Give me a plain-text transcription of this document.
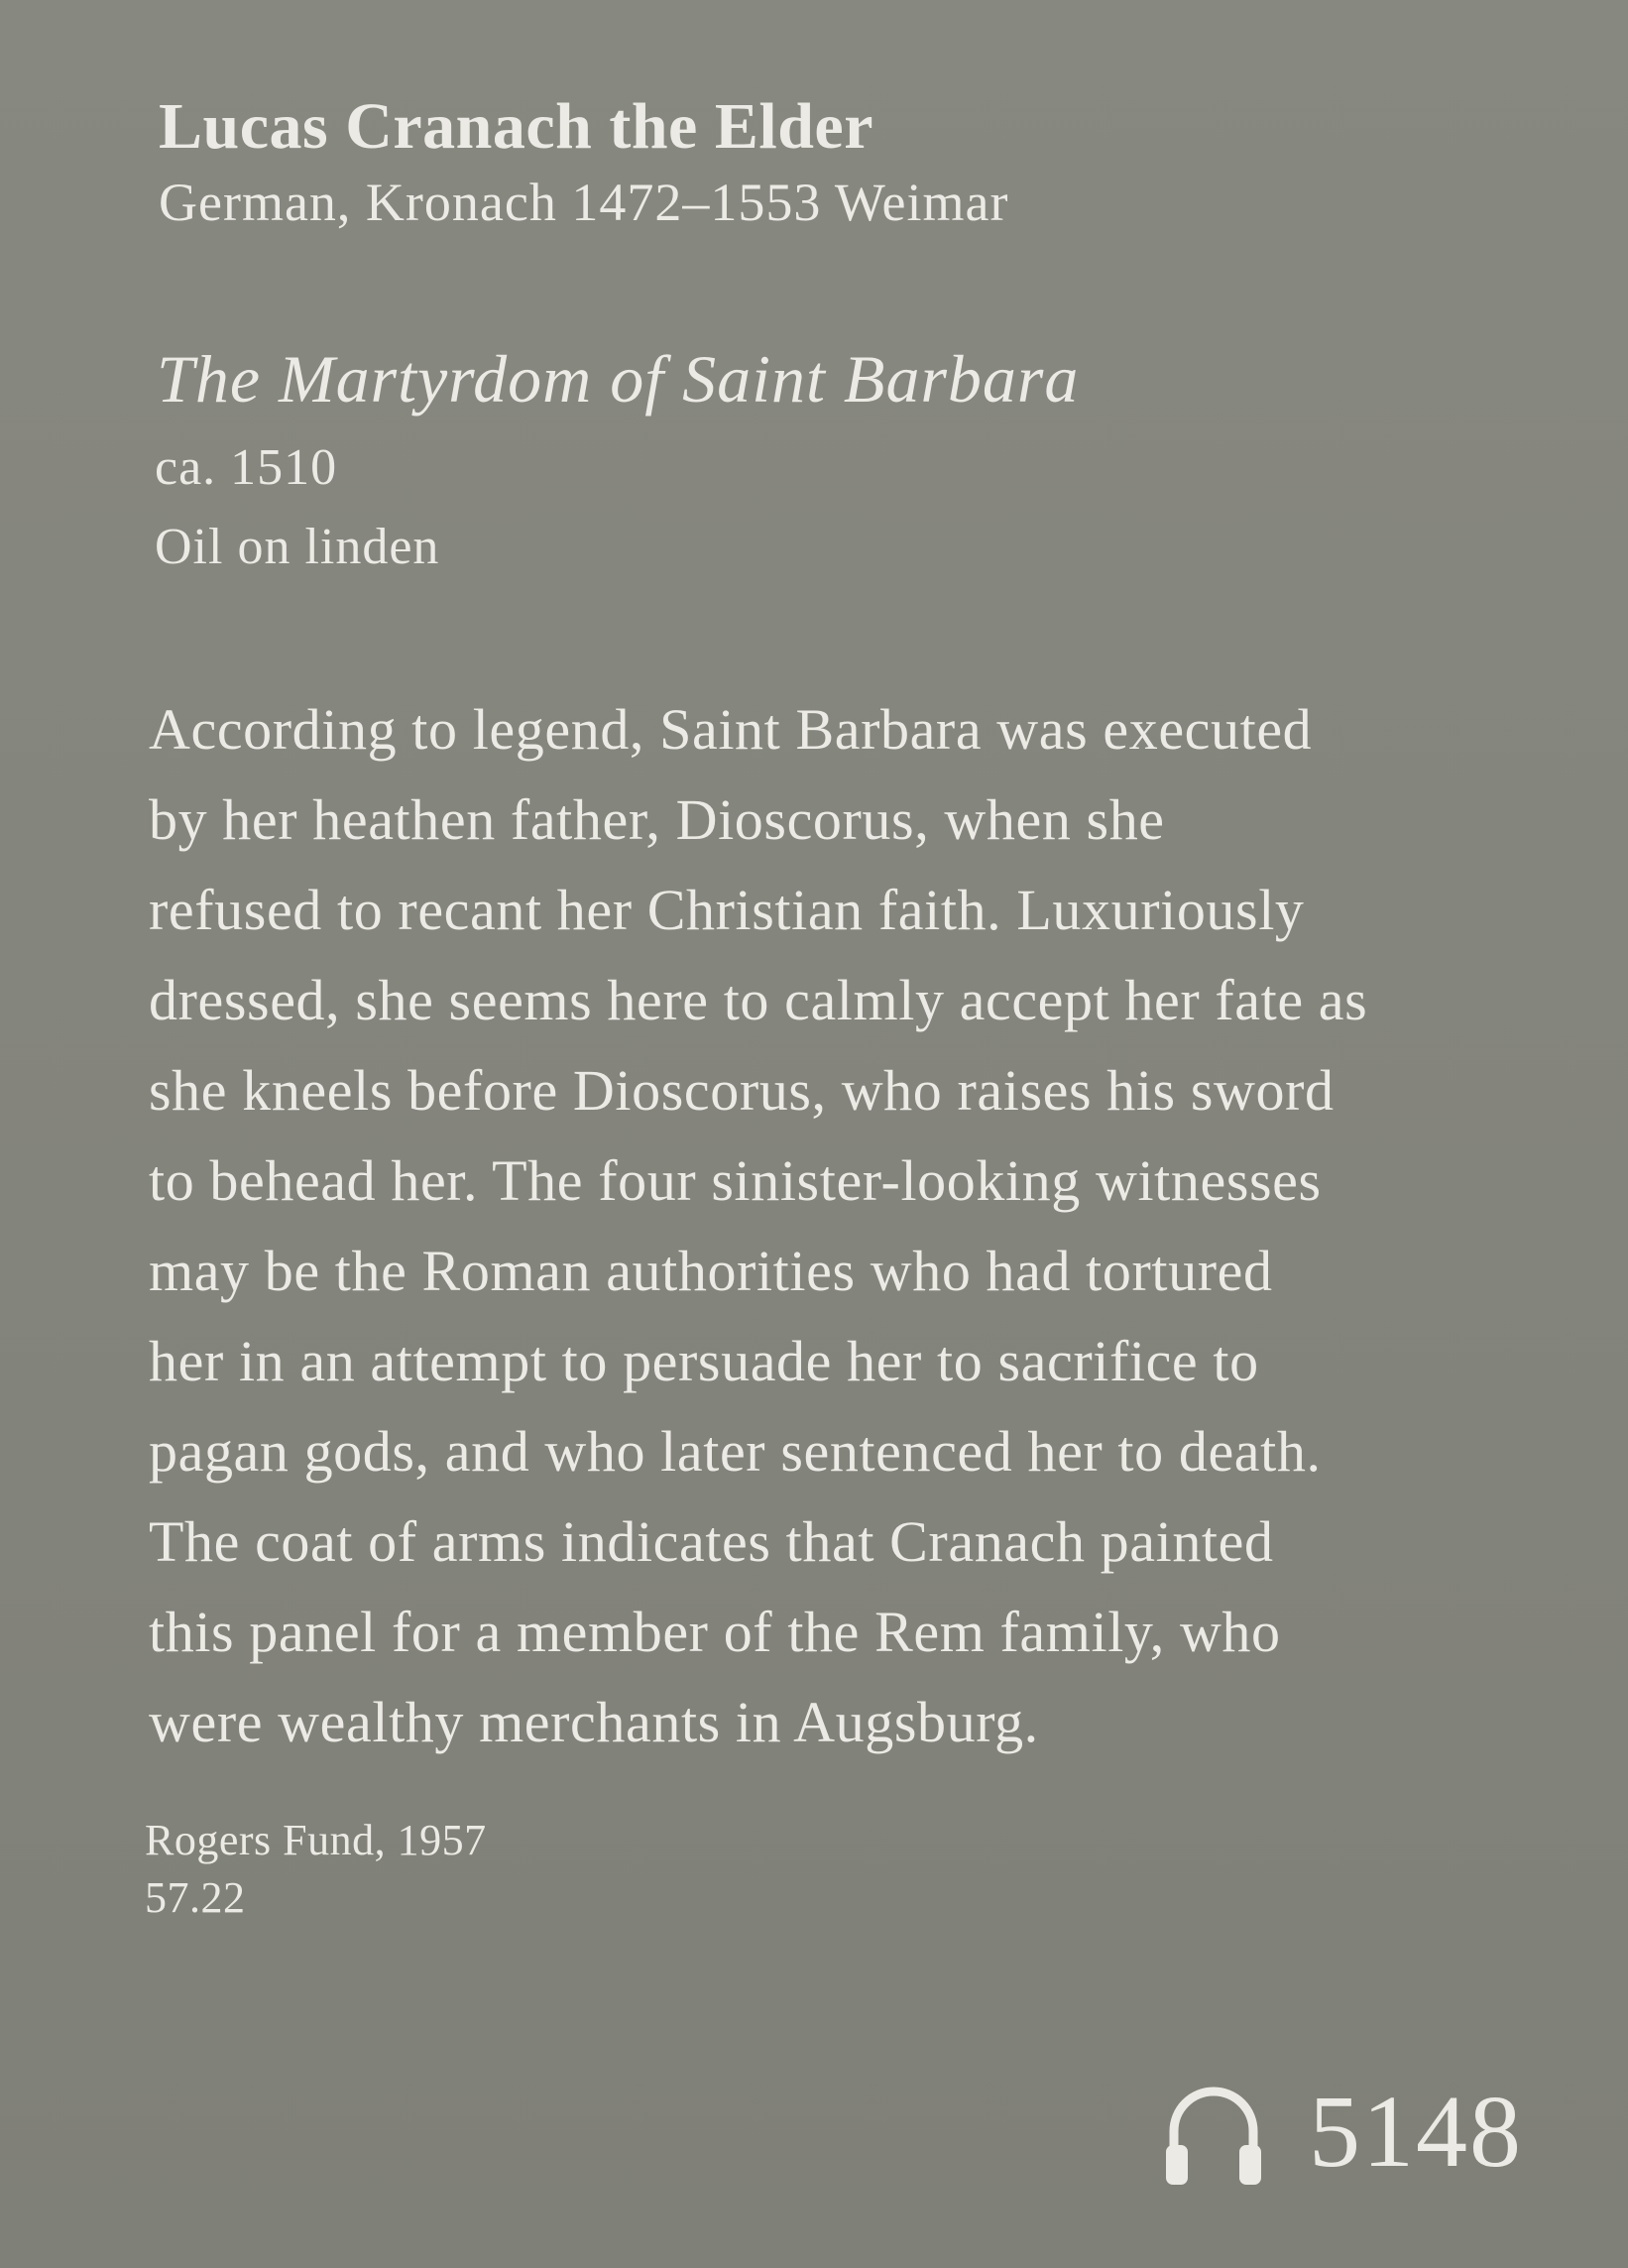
Lucas Cranach the Elder
German, Kronach 1472–1553 Weimar
The Martyrdom of Saint Barbara
ca. 1510
Oil on linden
According to legend, Saint Barbara was executed
by her heathen father, Dioscorus, when she
refused to recant her Christian faith. Luxuriously
dressed, she seems here to calmly accept her fate as
she kneels before Dioscorus, who raises his sword
to behead her. The four sinister-looking witnesses
may be the Roman authorities who had tortured
her in an attempt to persuade her to sacrifice to
pagan gods, and who later sentenced her to death.
The coat of arms indicates that Cranach painted
this panel for a member of the Rem family, who
were wealthy merchants in Augsburg.
Rogers Fund, 1957
57.22
5148
